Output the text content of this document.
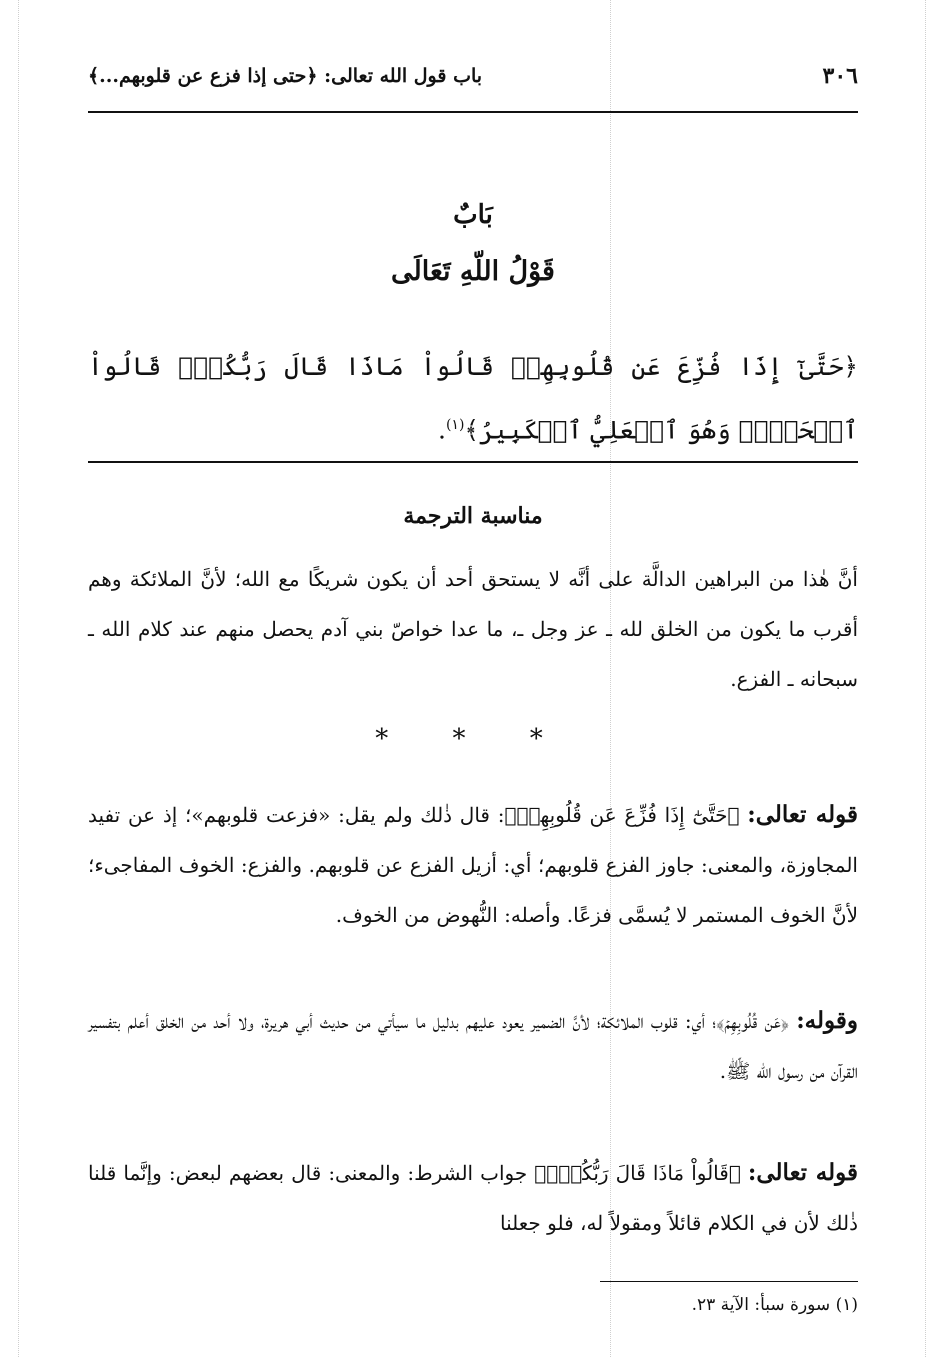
٣٠٦
باب قول الله تعالى: ﴿حتى إذا فزع عن قلوبهم...﴾
بَابٌ
قَوْلُ اللّهِ تَعَالَى
﴿حَتَّىٰٓ إِذَا فُزِّعَ عَن قُلُوبِهِمۡ قَالُواْ مَاذَا قَالَ رَبُّكُمۡۖ قَالُواْ ٱلۡحَقَّۖ وَهُوَ ٱلۡعَلِيُّ ٱلۡكَبِيرُ﴾$^{(١)}$.
مناسبة الترجمة
أنَّ هٰذا من البراهين الدالَّة على أنَّه لا يستحق أحد أن يكون شريكًا مع الله؛ لأنَّ الملائكة وهم أقرب ما يكون من الخلق لله ـ عز وجل ـ، ما عدا خواصّ بني آدم يحصل منهم عند كلام الله ـ سبحانه ـ الفزع.
* * *
قوله تعالى: ﴿حَتَّىٰٓ إِذَا فُزِّعَ عَن قُلُوبِهِمۡ﴾: قال ذٰلك ولم يقل: «فزعت قلوبهم»؛ إذ عن تفيد المجاوزة، والمعنى: جاوز الفزع قلوبهم؛ أي: أزيل الفزع عن قلوبهم. والفزع: الخوف المفاجىء؛ لأنَّ الخوف المستمر لا يُسمَّى فزعًا. وأصله: النُّهوض من الخوف.
وقوله: ﴿عَن قُلُوبِهِمۡ﴾؛ أي: قلوب الملائكة؛ لأنَّ الضمير يعود عليهم بدليل ما سيأتي من حديث أبي هريرة، ولا أحد من الخلق أعلم بتفسير القرآن من رسول الله ﷺ.
قوله تعالى: ﴿قَالُواْ مَاذَا قَالَ رَبُّكُمۡۖ﴾ جواب الشرط: والمعنى: قال بعضهم لبعض: وإنَّما قلنا ذٰلك لأن في الكلام قائلاً ومقولاً له، فلو جعلنا
(١) سورة سبأ: الآية ٢٣.
